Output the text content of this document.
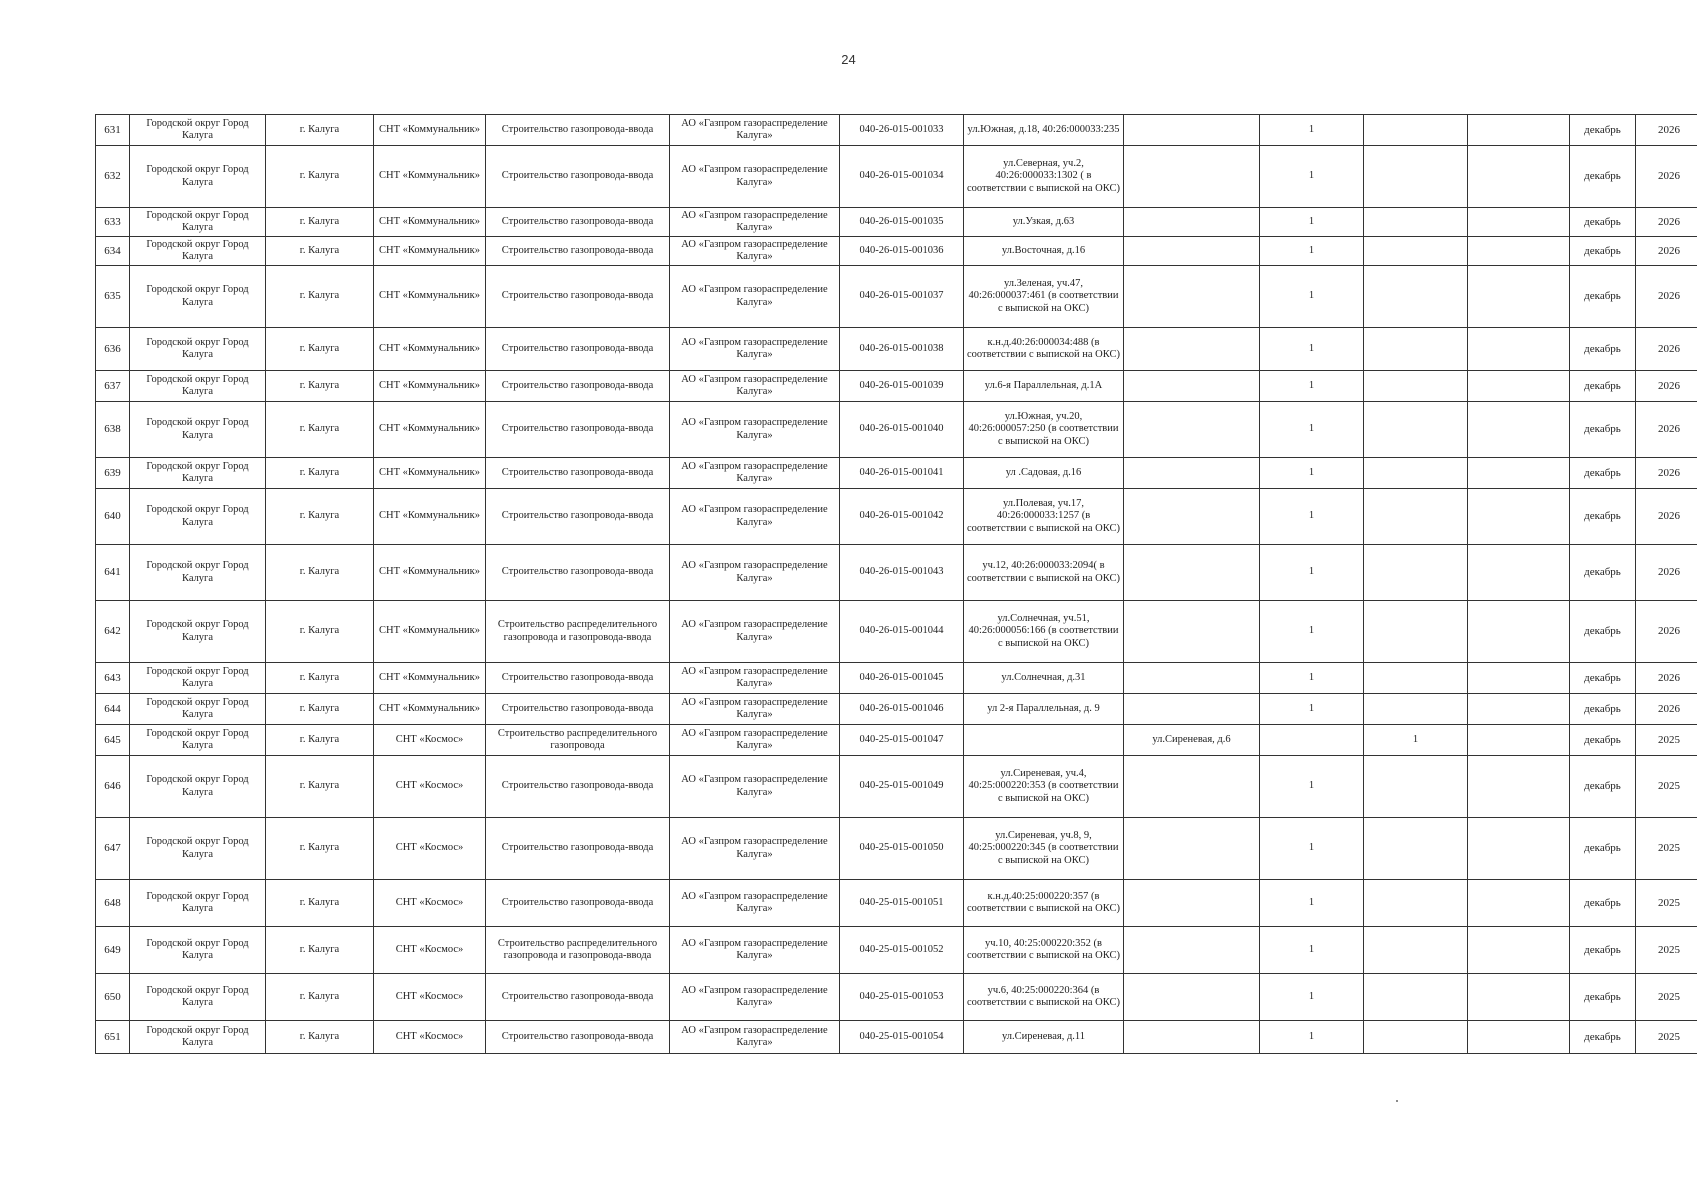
24
631	Городской округ Город Калуга	г. Калуга	СНТ «Коммунальник»	Строительство газопровода-ввода	АО «Газпром газораспределение Калуга»	040-26-015-001033	ул.Южная, д.18, 40:26:000033:235		1			декабрь	2026
632	Городской округ Город Калуга	г. Калуга	СНТ «Коммунальник»	Строительство газопровода-ввода	АО «Газпром газораспределение Калуга»	040-26-015-001034	ул.Северная, уч.2, 40:26:000033:1302 ( в соответствии с выпиской на ОКС)		1			декабрь	2026
633	Городской округ Город Калуга	г. Калуга	СНТ «Коммунальник»	Строительство газопровода-ввода	АО «Газпром газораспределение Калуга»	040-26-015-001035	ул.Узкая, д.63		1			декабрь	2026
634	Городской округ Город Калуга	г. Калуга	СНТ «Коммунальник»	Строительство газопровода-ввода	АО «Газпром газораспределение Калуга»	040-26-015-001036	ул.Восточная, д.16		1			декабрь	2026
635	Городской округ Город Калуга	г. Калуга	СНТ «Коммунальник»	Строительство газопровода-ввода	АО «Газпром газораспределение Калуга»	040-26-015-001037	ул.Зеленая, уч.47, 40:26:000037:461 (в соответствии с выпиской на ОКС)		1			декабрь	2026
636	Городской округ Город Калуга	г. Калуга	СНТ «Коммунальник»	Строительство газопровода-ввода	АО «Газпром газораспределение Калуга»	040-26-015-001038	к.н.д.40:26:000034:488 (в соответствии с выпиской на ОКС)		1			декабрь	2026
637	Городской округ Город Калуга	г. Калуга	СНТ «Коммунальник»	Строительство газопровода-ввода	АО «Газпром газораспределение Калуга»	040-26-015-001039	ул.6-я Параллельная, д.1А		1			декабрь	2026
638	Городской округ Город Калуга	г. Калуга	СНТ «Коммунальник»	Строительство газопровода-ввода	АО «Газпром газораспределение Калуга»	040-26-015-001040	ул.Южная, уч.20, 40:26:000057:250 (в соответствии с выпиской на ОКС)		1			декабрь	2026
639	Городской округ Город Калуга	г. Калуга	СНТ «Коммунальник»	Строительство газопровода-ввода	АО «Газпром газораспределение Калуга»	040-26-015-001041	ул .Садовая, д.16		1			декабрь	2026
640	Городской округ Город Калуга	г. Калуга	СНТ «Коммунальник»	Строительство газопровода-ввода	АО «Газпром газораспределение Калуга»	040-26-015-001042	ул.Полевая, уч.17, 40:26:000033:1257 (в соответствии с выпиской на ОКС)		1			декабрь	2026
641	Городской округ Город Калуга	г. Калуга	СНТ «Коммунальник»	Строительство газопровода-ввода	АО «Газпром газораспределение Калуга»	040-26-015-001043	уч.12, 40:26:000033:2094( в соответствии с выпиской на ОКС)		1			декабрь	2026
642	Городской округ Город Калуга	г. Калуга	СНТ «Коммунальник»	Строительство распределительного газопровода и газопровода-ввода	АО «Газпром газораспределение Калуга»	040-26-015-001044	ул.Солнечная, уч.51, 40:26:000056:166 (в соответствии с выпиской на ОКС)		1			декабрь	2026
643	Городской округ Город Калуга	г. Калуга	СНТ «Коммунальник»	Строительство газопровода-ввода	АО «Газпром газораспределение Калуга»	040-26-015-001045	ул.Солнечная, д.31		1			декабрь	2026
644	Городской округ Город Калуга	г. Калуга	СНТ «Коммунальник»	Строительство газопровода-ввода	АО «Газпром газораспределение Калуга»	040-26-015-001046	ул 2-я Параллельная, д. 9		1			декабрь	2026
645	Городской округ Город Калуга	г. Калуга	СНТ «Космос»	Строительство распределительного газопровода	АО «Газпром газораспределение Калуга»	040-25-015-001047		ул.Сиреневая, д.6		1		декабрь	2025
646	Городской округ Город Калуга	г. Калуга	СНТ «Космос»	Строительство газопровода-ввода	АО «Газпром газораспределение Калуга»	040-25-015-001049	ул.Сиреневая, уч.4, 40:25:000220:353 (в соответствии с выпиской на ОКС)		1			декабрь	2025
647	Городской округ Город Калуга	г. Калуга	СНТ «Космос»	Строительство газопровода-ввода	АО «Газпром газораспределение Калуга»	040-25-015-001050	ул.Сиреневая, уч.8, 9, 40:25:000220:345 (в соответствии с выпиской на ОКС)		1			декабрь	2025
648	Городской округ Город Калуга	г. Калуга	СНТ «Космос»	Строительство газопровода-ввода	АО «Газпром газораспределение Калуга»	040-25-015-001051	к.н.д.40:25:000220:357 (в соответствии с выпиской на ОКС)		1			декабрь	2025
649	Городской округ Город Калуга	г. Калуга	СНТ «Космос»	Строительство распределительного газопровода и газопровода-ввода	АО «Газпром газораспределение Калуга»	040-25-015-001052	уч.10, 40:25:000220:352 (в соответствии с выпиской на ОКС)		1			декабрь	2025
650	Городской округ Город Калуга	г. Калуга	СНТ «Космос»	Строительство газопровода-ввода	АО «Газпром газораспределение Калуга»	040-25-015-001053	уч.6, 40:25:000220:364 (в соответствии с выпиской на ОКС)		1			декабрь	2025
651	Городской округ Город Калуга	г. Калуга	СНТ «Космос»	Строительство газопровода-ввода	АО «Газпром газораспределение Калуга»	040-25-015-001054	ул.Сиреневая, д.11		1			декабрь	2025
